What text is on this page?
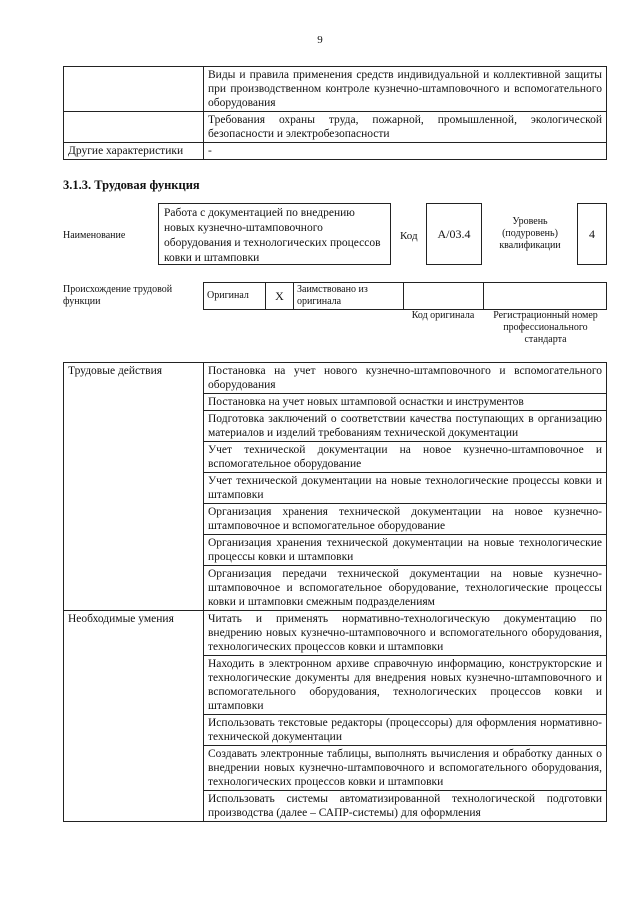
9
	Виды и правила применения средств индивидуальной и коллективной защиты при производственном контроле кузнечно-штамповочного и вспомогательного оборудования
	Требования охраны труда, пожарной, промышленной, экологической безопасности и электробезопасности
Другие характеристики	-
3.1.3. Трудовая функция
Наименование
Работа с документацией по внедрению новых кузнечно-штамповочного оборудования и технологических процессов ковки и штамповки
Код А/03.4
Уровень (подуровень) квалификации
4
Происхождение трудовой функции
Оригинал	X	Заимствовано из оригинала		
Код оригинала	Регистрационный номер профессионального стандарта
Трудовые действия	Постановка на учет нового кузнечно-штамповочного и вспомогательного оборудования
	Постановка на учет новых штамповой оснастки и инструментов
	Подготовка заключений о соответствии качества поступающих в организацию материалов и изделий требованиям технической документации
	Учет технической документации на новое кузнечно-штамповочное и вспомогательное оборудование
	Учет технической документации на новые технологические процессы ковки и штамповки
	Организация хранения технической документации на новое кузнечно-штамповочное и вспомогательное оборудование
	Организация хранения технической документации на новые технологические процессы ковки и штамповки
	Организация передачи технической документации на новые кузнечно-штамповочное и вспомогательное оборудование, технологические процессы ковки и штамповки смежным подразделениям
Необходимые умения	Читать и применять нормативно-технологическую документацию по внедрению новых кузнечно-штамповочного и вспомогательного оборудования, технологических процессов ковки и штамповки
	Находить в электронном архиве справочную информацию, конструкторские и технологические документы для внедрения новых кузнечно-штамповочного и вспомогательного оборудования, технологических процессов ковки и штамповки
	Использовать текстовые редакторы (процессоры) для оформления нормативно-технической документации
	Создавать электронные таблицы, выполнять вычисления и обработку данных о внедрении новых кузнечно-штамповочного и вспомогательного оборудования, технологических процессов ковки и штамповки
	Использовать системы автоматизированной технологической подготовки производства (далее – САПР-системы) для оформления
